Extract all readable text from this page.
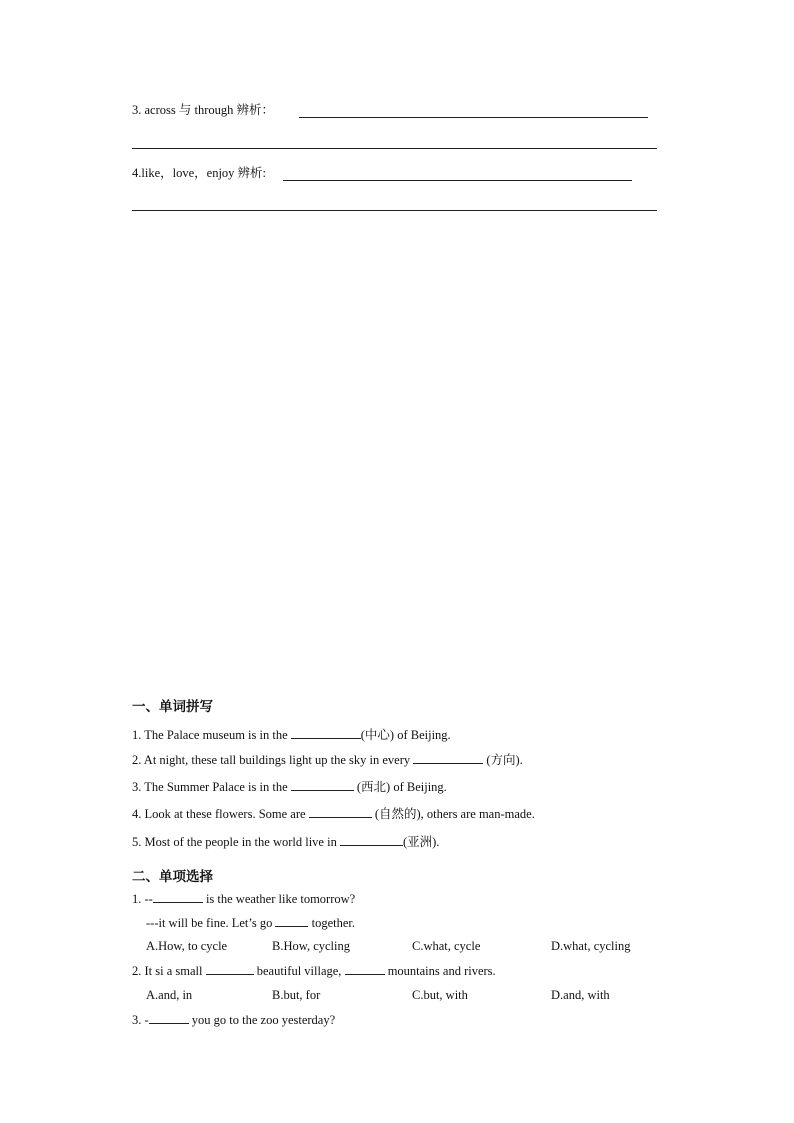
3. across 与 through 辨析：
4.like，love，enjoy 辨析:
一、单词拼写
1. The Palace museum is in the	(中心) of Beijing.
2. At night, these tall buildings light up the sky in every	(方向).
3. The Summer Palace is in the	(西北) of Beijing.
4. Look at these flowers. Some are	(自然的), others are man-made.
5. Most of the people in the world live in	(亚洲).
二、单项选择
1. --	is the weather like tomorrow?
---it will be fine. Let’s go	together.
A.How, to cycle	B.How, cycling	C.what, cycle	D.what, cycling
2. It si a small	beautiful village,	mountains and rivers.
A.and, in	B.but, for	C.but, with	D.and, with
3. -	you go to the zoo yesterday?
